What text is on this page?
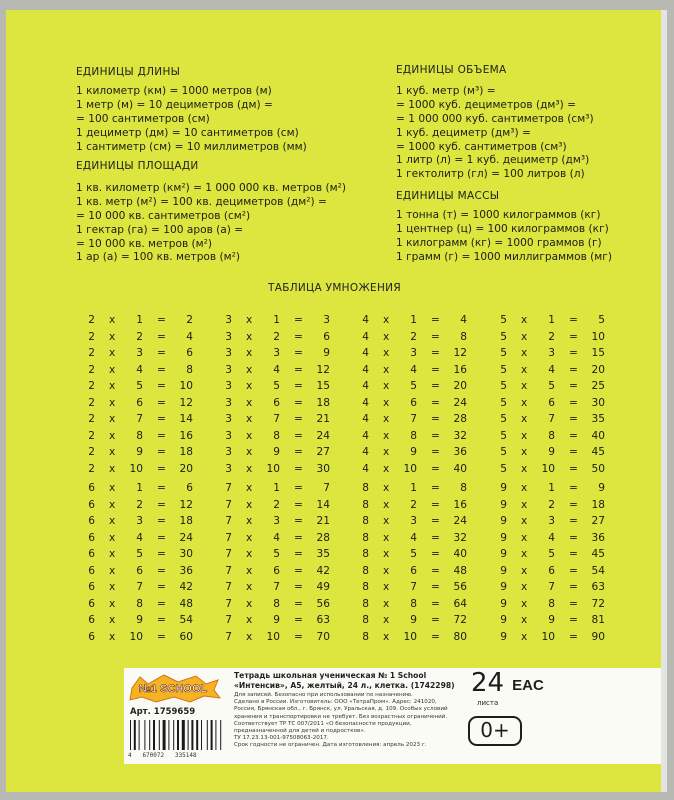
ЕДИНИЦЫ ДЛИНЫ
1 километр (км) = 1000 метров (м)
1 метр (м) = 10 дециметров (дм) =
= 100 сантиметров (см)
1 дециметр (дм) = 10 сантиметров (см)
1 сантиметр (см) = 10 миллиметров (мм)
ЕДИНИЦЫ ПЛОЩАДИ
1 кв. километр (км²) = 1 000 000 кв. метров (м²)
1 кв. метр (м²) = 100 кв. дециметров (дм²) =
= 10 000 кв. сантиметров (см²)
1 гектар (га) = 100 аров (а) =
= 10 000 кв. метров (м²)
1 ар (а) = 100 кв. метров (м²)
ЕДИНИЦЫ ОБЪЕМА
1 куб. метр (м³) =
= 1000 куб. дециметров (дм³) =
= 1 000 000 куб. сантиметров (см³)
1 куб. дециметр (дм³) =
= 1000 куб. сантиметров (см³)
1 литр (л) = 1 куб. дециметр (дм³)
1 гектолитр (гл) = 100 литров (л)
ЕДИНИЦЫ МАССЫ
1 тонна (т) = 1000 килограммов (кг)
1 центнер (ц) = 100 килограммов (кг)
1 килограмм (кг) = 1000 граммов (г)
1 грамм (г) = 1000 миллиграммов (мг)
ТАБЛИЦА УМНОЖЕНИЯ
2 x	1 =	2
2 x	2 =	4
2 x	3 =	6
2 x	4 =	8
2 x	5 =	10
2 x	6 =	12
2 x	7 =	14
2 x	8 =	16
2 x	9 =	18
2 x	10 =	20
3 x	1 =	3
3 x	2 =	6
3 x	3 =	9
3 x	4 =	12
3 x	5 =	15
3 x	6 =	18
3 x	7 =	21
3 x	8 =	24
3 x	9 =	27
3 x	10 =	30
4 x	1 =	4
4 x	2 =	8
4 x	3 =	12
4 x	4 =	16
4 x	5 =	20
4 x	6 =	24
4 x	7 =	28
4 x	8 =	32
4 x	9 =	36
4 x	10 =	40
5 x	1 =	5
5 x	2 =	10
5 x	3 =	15
5 x	4 =	20
5 x	5 =	25
5 x	6 =	30
5 x	7 =	35
5 x	8 =	40
5 x	9 =	45
5 x	10 =	50
6 x	1 =	6
6 x	2 =	12
6 x	3 =	18
6 x	4 =	24
6 x	5 =	30
6 x	6 =	36
6 x	7 =	42
6 x	8 =	48
6 x	9 =	54
6 x	10 =	60
7 x	1 =	7
7 x	2 =	14
7 x	3 =	21
7 x	4 =	28
7 x	5 =	35
7 x	6 =	42
7 x	7 =	49
7 x	8 =	56
7 x	9 =	63
7 x	10 =	70
8 x	1 =	8
8 x	2 =	16
8 x	3 =	24
8 x	4 =	32
8 x	5 =	40
8 x	6 =	48
8 x	7 =	56
8 x	8 =	64
8 x	9 =	72
8 x	10 =	80
9 x	1 =	9
9 x	2 =	18
9 x	3 =	27
9 x	4 =	36
9 x	5 =	45
9 x	6 =	54
9 x	7 =	63
9 x	8 =	72
9 x	9 =	81
9 x	10 =	90
№1 SCHOOL
Арт. 1759659
4   670072   335148
Тетрадь школьная ученическая № 1 School «Интенсив», А5, желтый, 24 л., клетка. (1742298)
Для записей. Безопасно при использовании по назначению.
Сделано в России. Изготовитель: ООО «ТетраПром». Адрес: 241020,
Россия, Брянская обл., г. Брянск, ул. Уральская, д. 109. Особых условий
хранения и транспортировки не требует. Без возрастных ограничений.
Соответствует ТР ТС 007/2011 «О безопасности продукции,
предназначенной для детей и подростков».
ТУ 17.23.13-001-97508063-2017.
Срок годности не ограничен. Дата изготовления: апрель 2023 г.
24
листа
EAC
0+
